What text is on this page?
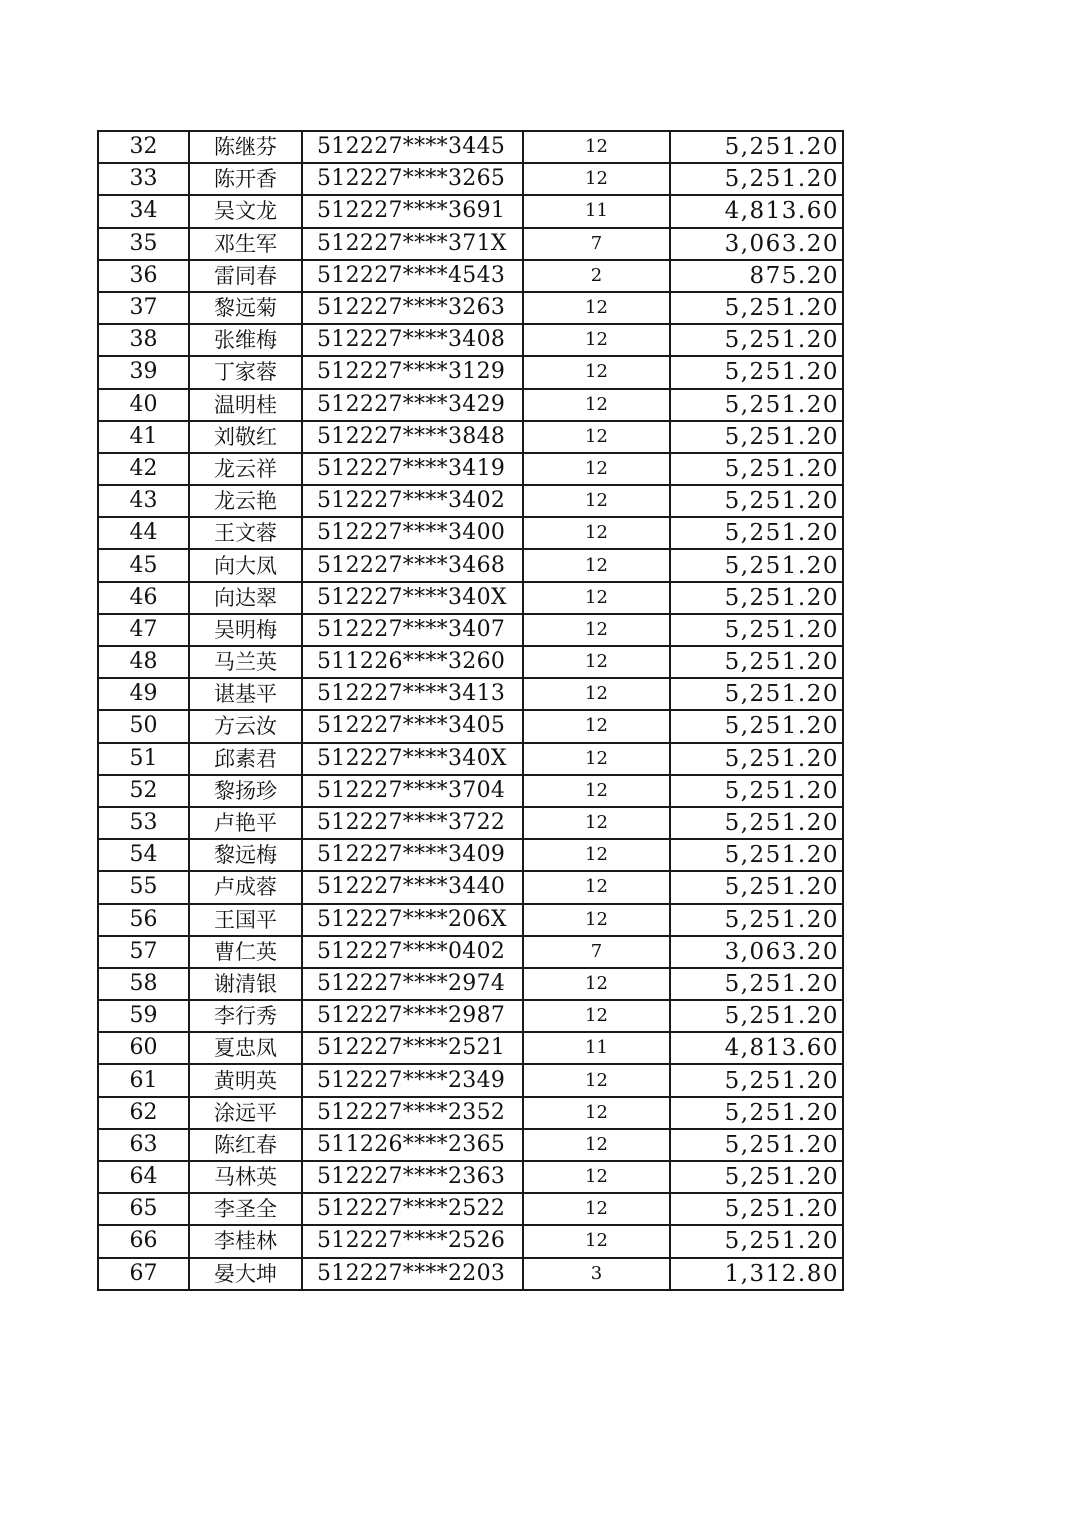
32	陈继芬	512227****3445	12	5,251.20
33	陈开香	512227****3265	12	5,251.20
34	吴文龙	512227****3691	11	4,813.60
35	邓生军	512227****371X	7	3,063.20
36	雷同春	512227****4543	2	875.20
37	黎远菊	512227****3263	12	5,251.20
38	张维梅	512227****3408	12	5,251.20
39	丁家蓉	512227****3129	12	5,251.20
40	温明桂	512227****3429	12	5,251.20
41	刘敬红	512227****3848	12	5,251.20
42	龙云祥	512227****3419	12	5,251.20
43	龙云艳	512227****3402	12	5,251.20
44	王文蓉	512227****3400	12	5,251.20
45	向大凤	512227****3468	12	5,251.20
46	向达翠	512227****340X	12	5,251.20
47	吴明梅	512227****3407	12	5,251.20
48	马兰英	511226****3260	12	5,251.20
49	谌基平	512227****3413	12	5,251.20
50	方云汝	512227****3405	12	5,251.20
51	邱素君	512227****340X	12	5,251.20
52	黎扬珍	512227****3704	12	5,251.20
53	卢艳平	512227****3722	12	5,251.20
54	黎远梅	512227****3409	12	5,251.20
55	卢成蓉	512227****3440	12	5,251.20
56	王国平	512227****206X	12	5,251.20
57	曹仁英	512227****0402	7	3,063.20
58	谢清银	512227****2974	12	5,251.20
59	李行秀	512227****2987	12	5,251.20
60	夏忠凤	512227****2521	11	4,813.60
61	黄明英	512227****2349	12	5,251.20
62	涂远平	512227****2352	12	5,251.20
63	陈红春	511226****2365	12	5,251.20
64	马林英	512227****2363	12	5,251.20
65	李圣全	512227****2522	12	5,251.20
66	李桂林	512227****2526	12	5,251.20
67	晏大坤	512227****2203	3	1,312.80
